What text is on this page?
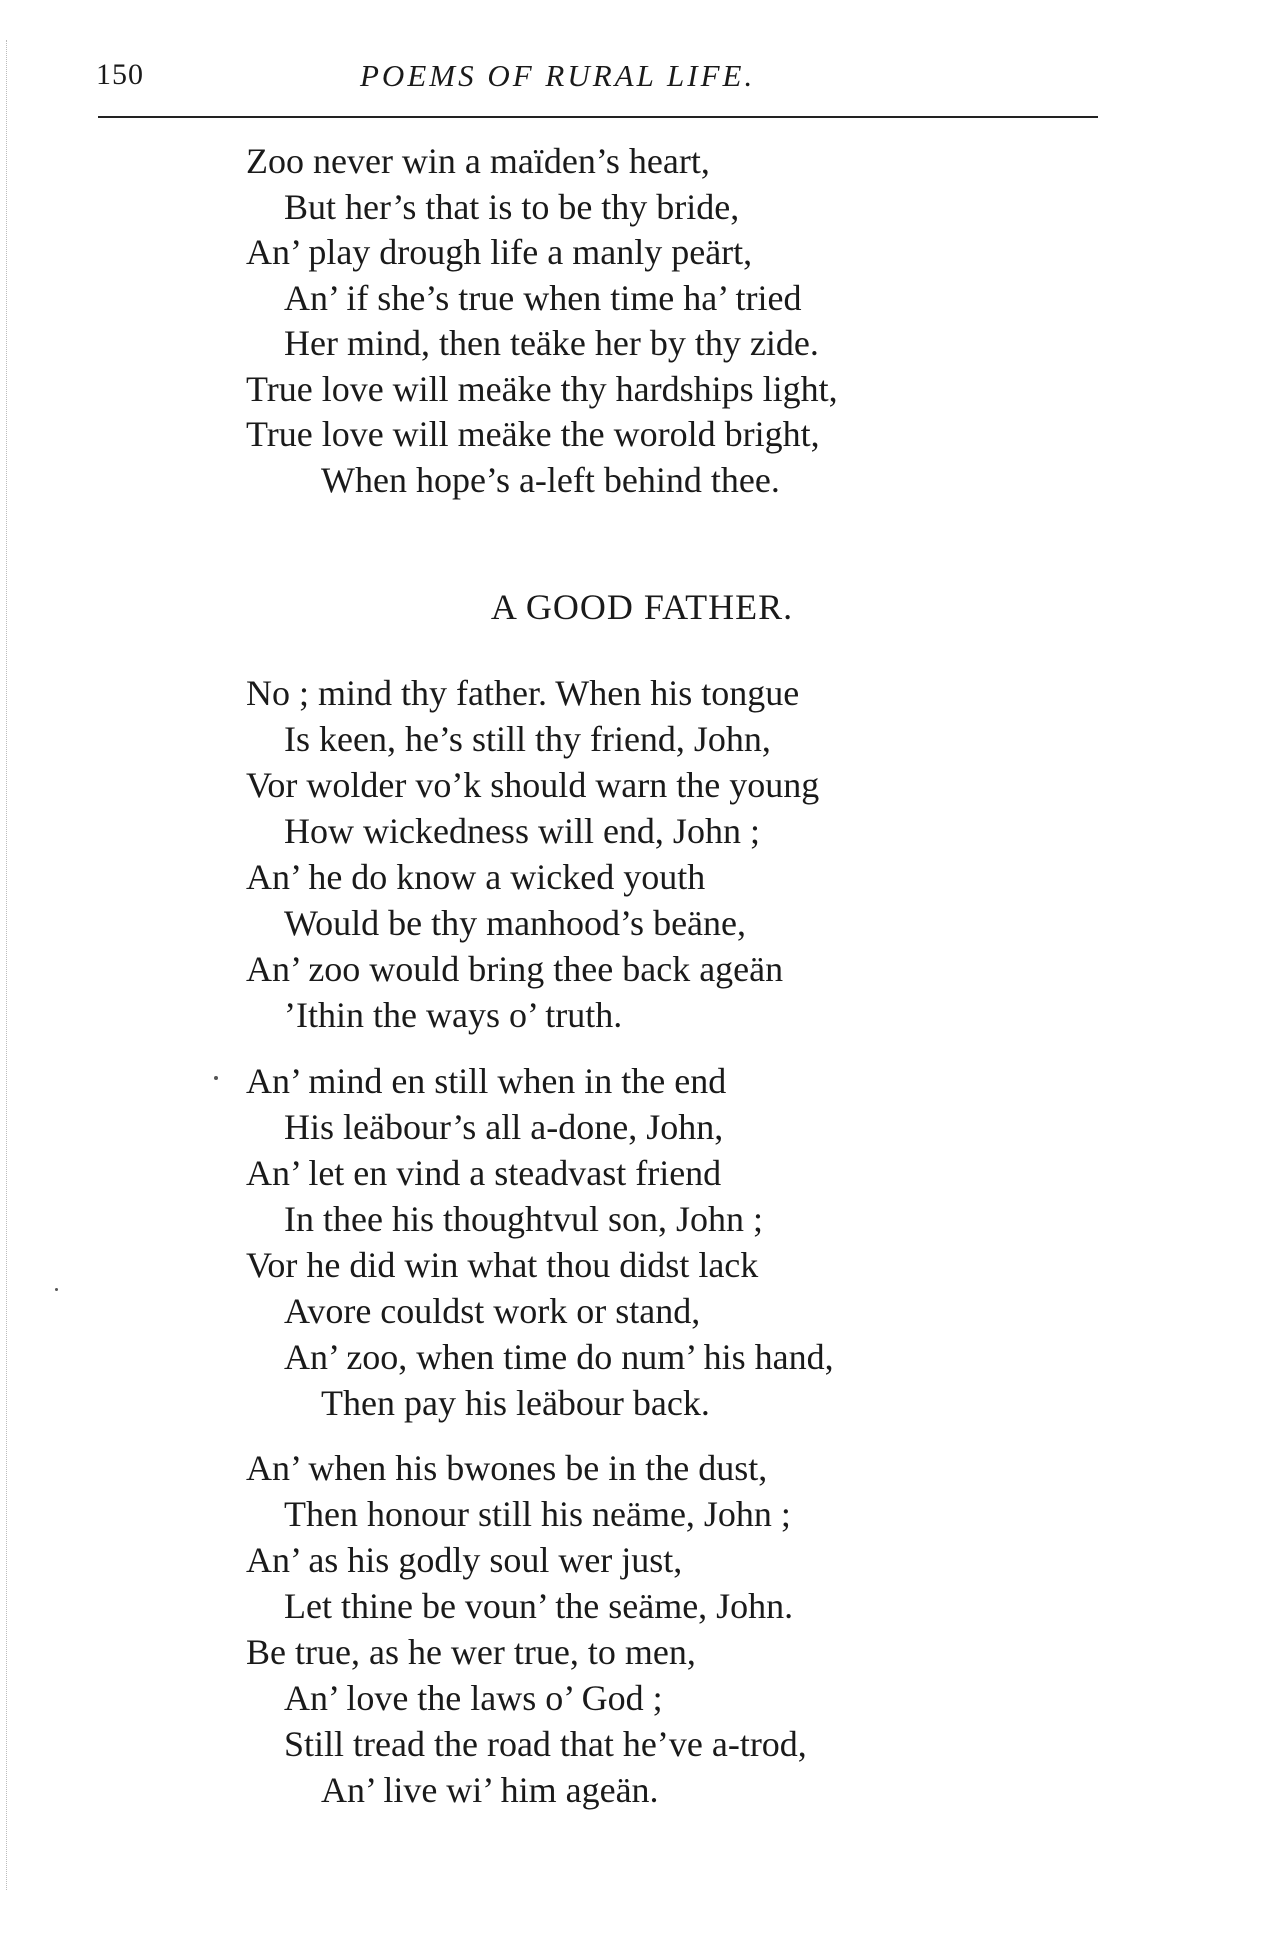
150	POEMS OF RURAL LIFE.
Zoo never win a maïden’s heart,
But her’s that is to be thy bride,
An’ play drough life a manly peärt,
An’ if she’s true when time ha’ tried
Her mind, then teäke her by thy zide.
True love will meäke thy hardships light,
True love will meäke the worold bright,
When hope’s a-left behind thee.
A GOOD FATHER.
No ; mind thy father. When his tongue
Is keen, he’s still thy friend, John,
Vor wolder vo’k should warn the young
How wickedness will end, John ;
An’ he do know a wicked youth
Would be thy manhood’s beäne,
An’ zoo would bring thee back ageän
’Ithin the ways o’ truth.
An’ mind en still when in the end
His leäbour’s all a-done, John,
An’ let en vind a steadvast friend
In thee his thoughtvul son, John ;
Vor he did win what thou didst lack
Avore couldst work or stand,
An’ zoo, when time do num’ his hand,
Then pay his leäbour back.
An’ when his bwones be in the dust,
Then honour still his neäme, John ;
An’ as his godly soul wer just,
Let thine be voun’ the seäme, John.
Be true, as he wer true, to men,
An’ love the laws o’ God ;
Still tread the road that he’ve a-trod,
An’ live wi’ him ageän.
